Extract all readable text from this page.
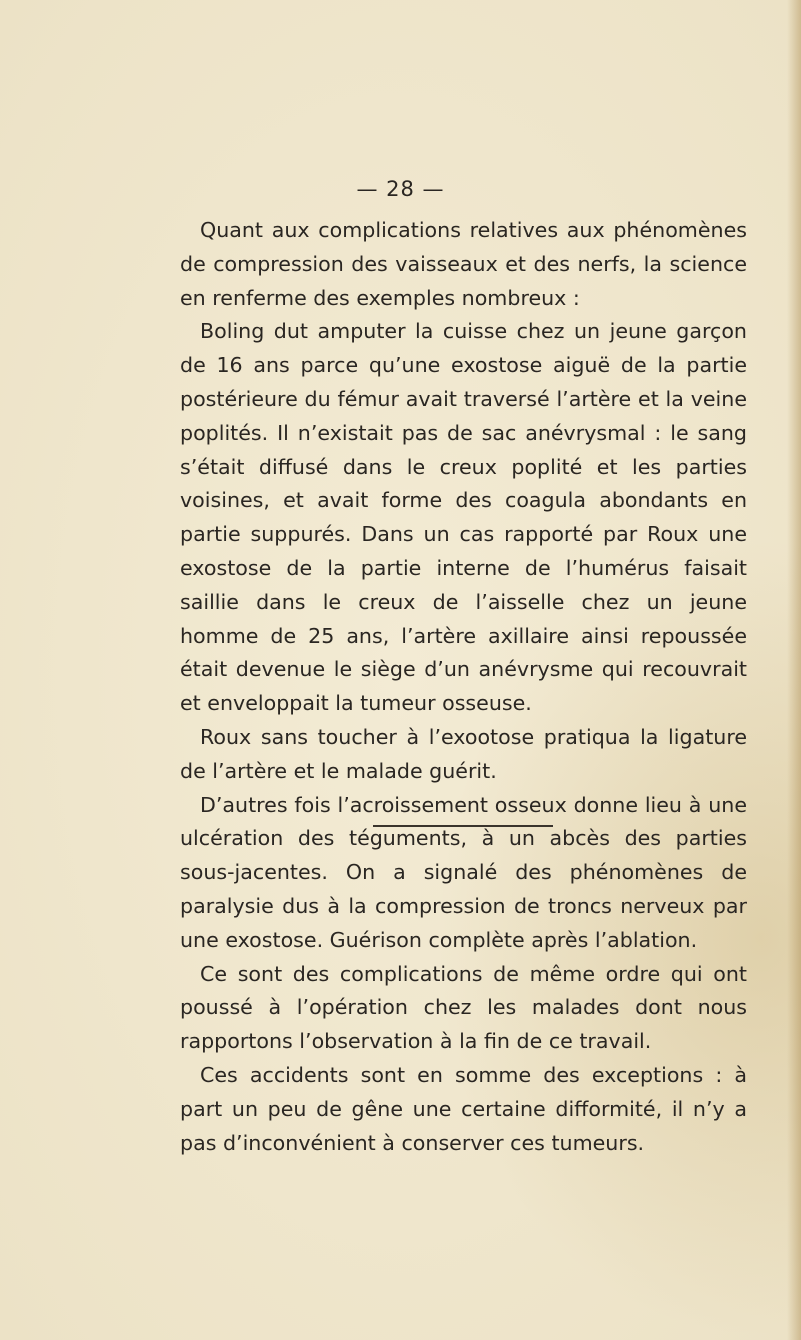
— 28 —

Quant aux complications relatives aux phénomènes de compression des vaisseaux et des nerfs, la science en renferme des exemples nombreux :

Boling dut amputer la cuisse chez un jeune garçon de 16 ans parce qu’une exostose aiguë de la partie postérieure du fémur avait traversé l’artère et la veine poplités. Il n’existait pas de sac anévrysmal : le sang s’était diffusé dans le creux poplité et les parties voisines, et avait forme des coagula abondants en partie suppurés. Dans un cas rapporté par Roux une exostose de la partie interne de l’humérus faisait saillie dans le creux de l’aisselle chez un jeune homme de 25 ans, l’artère axillaire ainsi repoussée était devenue le siège d’un anévrysme qui recouvrait et enveloppait la tumeur osseuse.

Roux sans toucher à l’exootose pratiqua la ligature de l’artère et le malade guérit.

D’autres fois l’acroissement osseux donne lieu à une ulcération des téguments, à un abcès des parties sous-jacentes. On a signalé des phénomènes de paralysie dus à la compression de troncs nerveux par une exostose. Guérison complète après l’ablation.

Ce sont des complications de même ordre qui ont poussé à l’opération chez les malades dont nous rapportons l’observation à la fin de ce travail.

Ces accidents sont en somme des exceptions : à part un peu de gêne une certaine difformité, il n’y a pas d’inconvénient à conserver ces tumeurs.
